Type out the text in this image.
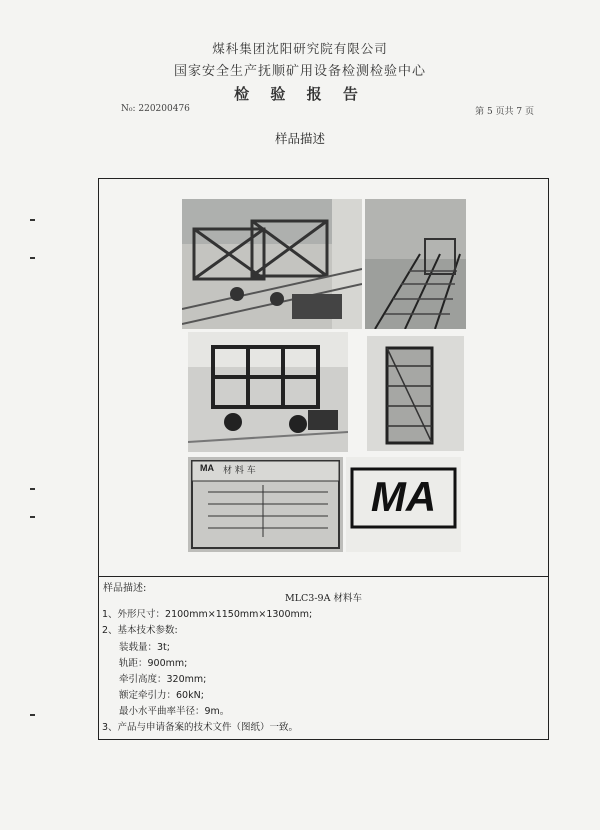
煤科集团沈阳研究院有限公司
国家安全生产抚顺矿用设备检测检验中心
检 验 报 告
N₀: 220200476	第 5 页共 7 页
样品描述
MA 材 料 车
MA
样品描述:
MLC3-9A 材料车
1、外形尺寸：2100mm×1150mm×1300mm;
2、基本技术参数:
装载量：3t;
轨距：900mm;
牵引高度：320mm;
额定牵引力：60kN;
最小水平曲率半径：9m。
3、产品与申请备案的技术文件（图纸）一致。
